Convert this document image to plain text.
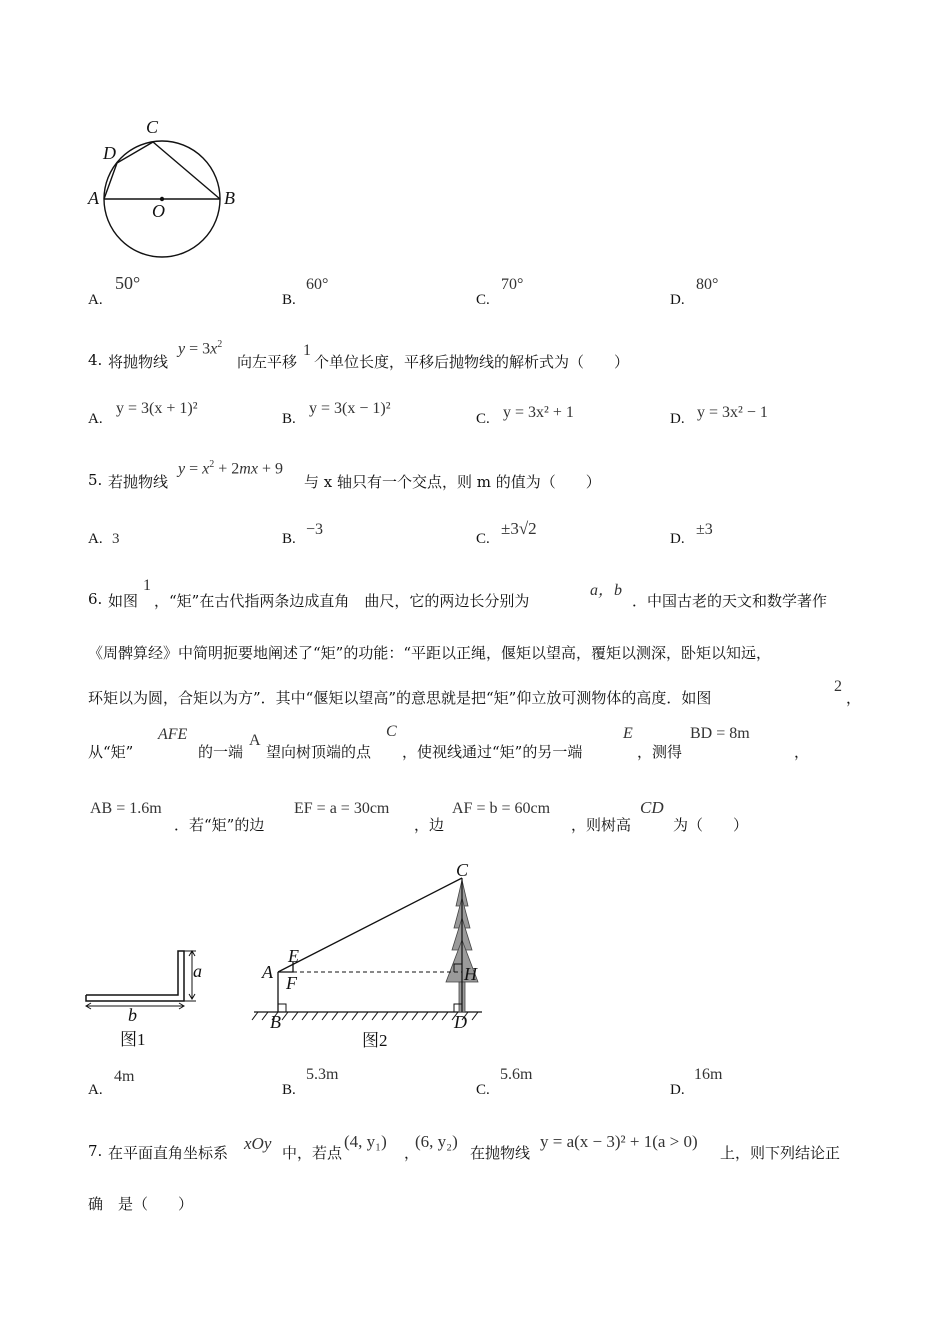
C
D
A	B
O
A.
50°
B.
60°
C.
70°
D.
80°
4. 将抛物线
$y = 3x^2$
向左平移
1
个单位长度，平移后抛物线的解析式为（　　）
A.
y = 3(x + 1)²
B.
y = 3(x − 1)²
C. y = 3x² + 1	D. y = 3x² − 1
5. 若抛物线
$y = x^2 + 2mx + 9$
与 x 轴只有一个交点，则 m 的值为（　　）
A. 3	B.
−3
C.
±3√2
D.
±3
6. 如图
1
，“矩”在古代指两条边成直角　曲尺，它的两边长分别为
a，b
．中国古老的天文和数学著作
《周髀算经》中简明扼要地阐述了“矩”的功能：“平距以正绳，偃矩以望高，覆矩以测深，卧矩以知远，
环矩以为圆，合矩以为方”．其中“偃矩以望高”的意思就是把“矩”仰立放可测物体的高度．如图
2
，
从“矩”
AFE
的一端
A
望向树顶端的点
C
，使视线通过“矩”的另一端
E
，测得
BD = 8m
，
AB = 1.6m
．若“矩”的边
EF = a = 30cm
，边
AF = b = 60cm
，则树高
CD
为（　　）
a
b
图1
C
E
A
F	H
B	D
图2
A.
4m
B.
5.3m
C.
5.6m
D.
16m
7. 在平面直角坐标系 xOy 中，若点
(4, y₁)
，
(6, y₂)
在抛物线
y = a(x − 3)² + 1(a > 0)
上，则下列结论正
确　是（　　）
